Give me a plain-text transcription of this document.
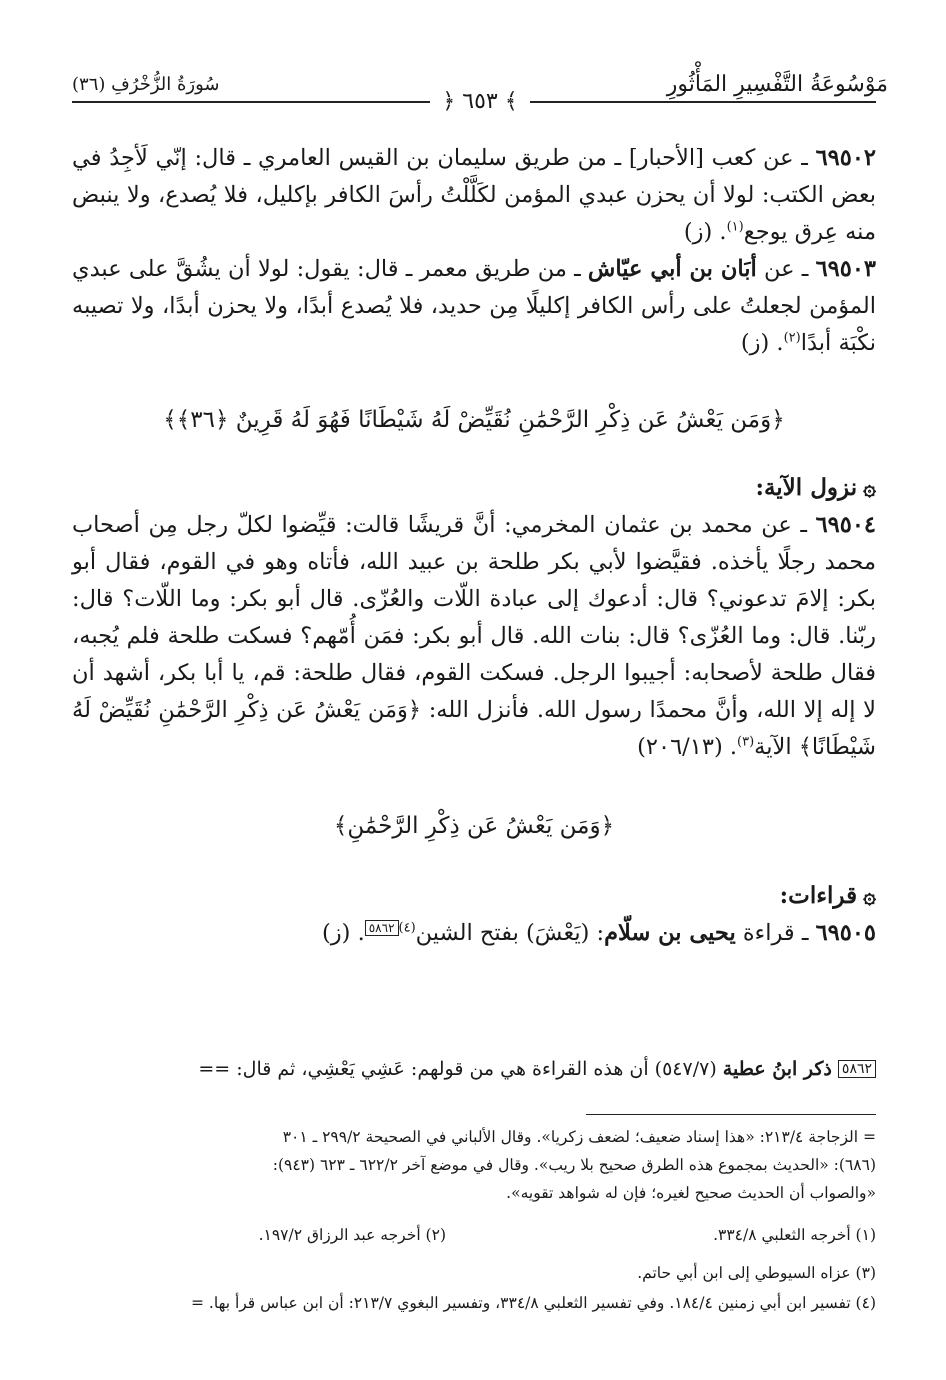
مَوْسُوعَةُ التَّفْسِيرِ المَأْثُورِ
سُورَةُ الزُّخْرُفِ (٣٦)
﴿ ٦٥٣ ﴾

٦٩٥٠٢ ـ عن كعب [الأحبار] ـ من طريق سليمان بن القيس العامري ـ قال: إنّي لَأجِدُ في بعض الكتب: لولا أن يحزن عبدي المؤمن لكَلَّلْتُ رأسَ الكافر بإكليل، فلا يُصدع، ولا ينبض منه عِرق يوجع$^{(١)}$. (ز)

٦٩٥٠٣ ـ عن أبَان بن أبي عيّاش ـ من طريق معمر ـ قال: يقول: لولا أن يشُقَّ على عبدي المؤمن لجعلتُ على رأس الكافر إكليلًا مِن حديد، فلا يُصدع أبدًا، ولا يحزن أبدًا، ولا تصيبه نكْبَة أبدًا$^{(٢)}$. (ز)

﴿وَمَن يَعْشُ عَن ذِكْرِ الرَّحْمَٰنِ نُقَيِّضْ لَهُ شَيْطَانًا فَهُوَ لَهُ قَرِينٌ ﴿٣٦﴾﴾

۞نزول الآية:

٦٩٥٠٤ ـ عن محمد بن عثمان المخرمي: أنَّ قريشًا قالت: قيِّضوا لكلّ رجل مِن أصحاب محمد رجلًا يأخذه. فقيَّضوا لأبي بكر طلحة بن عبيد الله، فأتاه وهو في القوم، فقال أبو بكر: إلامَ تدعوني؟ قال: أدعوك إلى عبادة اللّات والعُزّى. قال أبو بكر: وما اللّات؟ قال: ربّنا. قال: وما العُزّى؟ قال: بنات الله. قال أبو بكر: فمَن أُمّهم؟ فسكت طلحة فلم يُجبه، فقال طلحة لأصحابه: أجيبوا الرجل. فسكت القوم، فقال طلحة: قم، يا أبا بكر، أشهد أن لا إله إلا الله، وأنَّ محمدًا رسول الله. فأنزل الله: ﴿وَمَن يَعْشُ عَن ذِكْرِ الرَّحْمَٰنِ نُقَيِّضْ لَهُ شَيْطَانًا﴾ الآية$^{(٣)}$. (٢٠٦/١٣)

﴿وَمَن يَعْشُ عَن ذِكْرِ الرَّحْمَٰنِ﴾

۞قراءات:

٦٩٥٠٥ ـ قراءة يحيى بن سلّام: (يَعْشَ) بفتح الشين$^{(٤)}$٥٨٦٢. (ز)

٥٨٦٢ ذكر ابنُ عطية (٥٤٧/٧) أن هذه القراءة هي من قولهم: عَشِي يَعْشِي، ثم قال: ==
= الزجاجة ٢١٣/٤: «هذا إسناد ضعيف؛ لضعف زكريا». وقال الألباني في الصحيحة ٢٩٩/٢ ـ ٣٠١
(٦٨٦): «الحديث بمجموع هذه الطرق صحيح بلا ريب». وقال في موضع آخر ٦٢٢/٢ ـ ٦٢٣ (٩٤٣):
«والصواب أن الحديث صحيح لغيره؛ فإن له شواهد تقويه».
(١) أخرجه الثعلبي ٣٣٤/٨.
(٢) أخرجه عبد الرزاق ١٩٧/٢.
(٣) عزاه السيوطي إلى ابن أبي حاتم.
(٤) تفسير ابن أبي زمنين ١٨٤/٤. وفي تفسير الثعلبي ٣٣٤/٨، وتفسير البغوي ٢١٣/٧: أن ابن عباس قرأ بها. =
